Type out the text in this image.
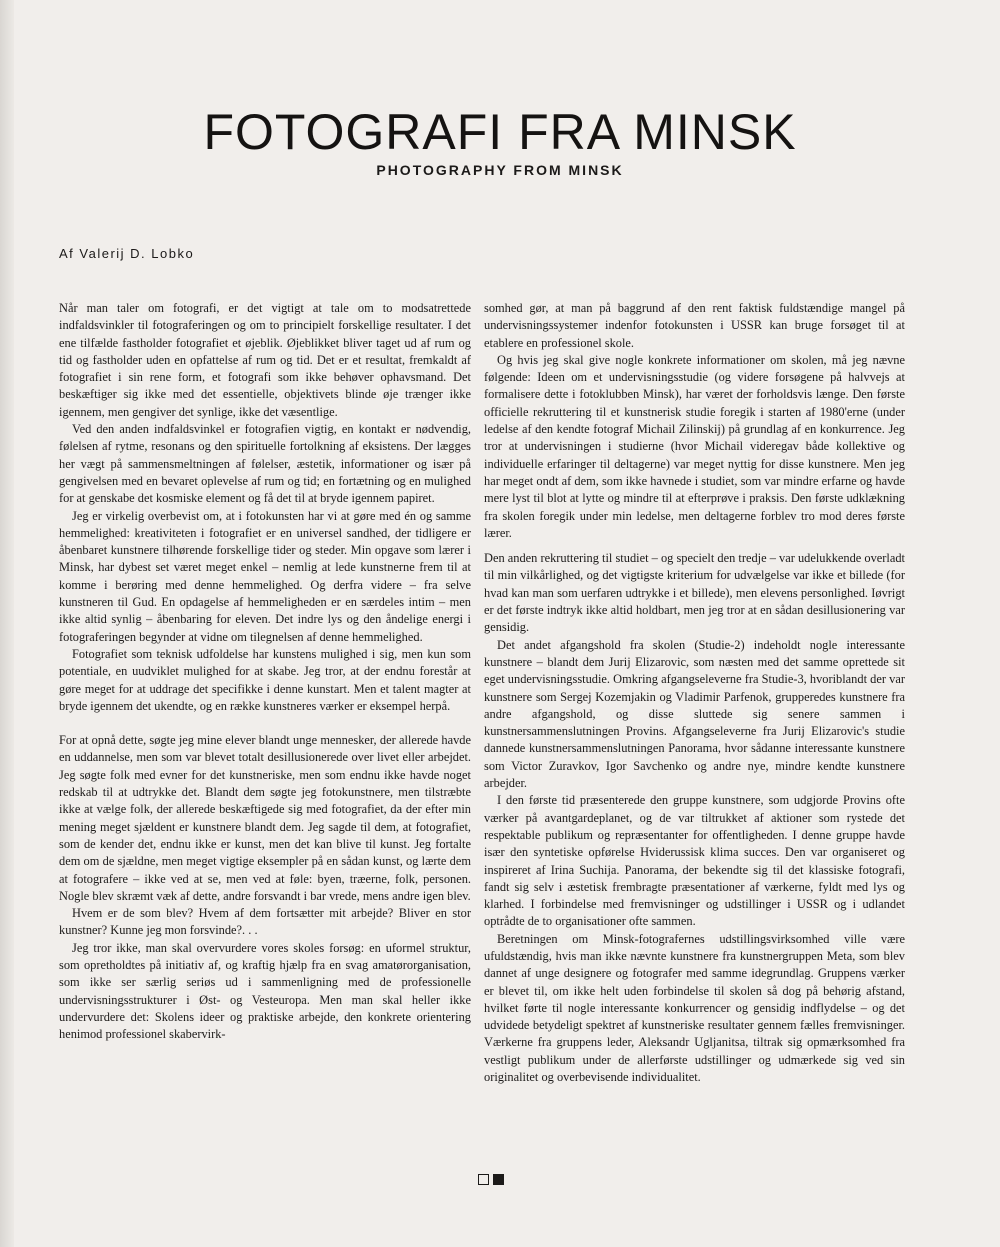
FOTOGRAFI FRA MINSK
PHOTOGRAPHY FROM MINSK
Af Valerij D. Lobko

Når man taler om fotografi, er det vigtigt at tale om to modsatrettede indfaldsvinkler til fotograferingen og om to principielt forskellige resultater. I det ene tilfælde fastholder fotografiet et øjeblik. Øjeblikket bliver taget ud af rum og tid og fastholder uden en opfattelse af rum og tid. Det er et resultat, fremkaldt af fotografiet i sin rene form, et fotografi som ikke behøver ophavsmand. Det beskæftiger sig ikke med det essentielle, objektivets blinde øje trænger ikke igennem, men gengiver det synlige, ikke det væsentlige.

Ved den anden indfaldsvinkel er fotografien vigtig, en kontakt er nødvendig, følelsen af rytme, resonans og den spirituelle fortolkning af eksistens. Der lægges her vægt på sammensmeltningen af følelser, æstetik, informationer og især på gengivelsen med en bevaret oplevelse af rum og tid; en fortætning og en mulighed for at genskabe det kosmiske element og få det til at bryde igennem papiret.

Jeg er virkelig overbevist om, at i fotokunsten har vi at gøre med én og samme hemmelighed: kreativiteten i fotografiet er en universel sandhed, der tidligere er åbenbaret kunstnere tilhørende forskellige tider og steder. Min opgave som lærer i Minsk, har dybest set været meget enkel – nemlig at lede kunstnerne frem til at komme i berøring med denne hemmelighed. Og derfra videre – fra selve kunstneren til Gud. En opdagelse af hemmeligheden er en særdeles intim – men ikke altid synlig – åbenbaring for eleven. Det indre lys og den åndelige energi i fotograferingen begynder at vidne om tilegnelsen af denne hemmelighed.

Fotografiet som teknisk udfoldelse har kunstens mulighed i sig, men kun som potentiale, en uudviklet mulighed for at skabe. Jeg tror, at der endnu forestår at gøre meget for at uddrage det specifikke i denne kunstart. Men et talent magter at bryde igennem det ukendte, og en række kunstneres værker er eksempel herpå.

For at opnå dette, søgte jeg mine elever blandt unge mennesker, der allerede havde en uddannelse, men som var blevet totalt desillusionerede over livet eller arbejdet. Jeg søgte folk med evner for det kunstneriske, men som endnu ikke havde noget redskab til at udtrykke det. Blandt dem søgte jeg fotokunstnere, men tilstræbte ikke at vælge folk, der allerede beskæftigede sig med fotografiet, da der efter min mening meget sjældent er kunstnere blandt dem. Jeg sagde til dem, at fotografiet, som de kender det, endnu ikke er kunst, men det kan blive til kunst. Jeg fortalte dem om de sjældne, men meget vigtige eksempler på en sådan kunst, og lærte dem at fotografere – ikke ved at se, men ved at føle: byen, træerne, folk, personen. Nogle blev skræmt væk af dette, andre forsvandt i bar vrede, mens andre igen blev.

Hvem er de som blev? Hvem af dem fortsætter mit arbejde? Bliver en stor kunstner? Kunne jeg mon forsvinde?. . .

Jeg tror ikke, man skal overvurdere vores skoles forsøg: en uformel struktur, som opretholdtes på initiativ af, og kraftig hjælp fra en svag amatørorganisation, som ikke ser særlig seriøs ud i sammenligning med de professionelle undervisningsstrukturer i Øst- og Vesteuropa. Men man skal heller ikke undervurdere det: Skolens ideer og praktiske arbejde, den konkrete orientering henimod professionel skabervirk-

somhed gør, at man på baggrund af den rent faktisk fuldstændige mangel på undervisningssystemer indenfor fotokunsten i USSR kan bruge forsøget til at etablere en professionel skole.

Og hvis jeg skal give nogle konkrete informationer om skolen, må jeg nævne følgende: Ideen om et undervisningsstudie (og videre forsøgene på halvvejs at formalisere dette i fotoklubben Minsk), har været der forholdsvis længe. Den første officielle rekruttering til et kunstnerisk studie foregik i starten af 1980'erne (under ledelse af den kendte fotograf Michail Zilinskij) på grundlag af en konkurrence. Jeg tror at undervisningen i studierne (hvor Michail videregav både kollektive og individuelle erfaringer til deltagerne) var meget nyttig for disse kunstnere. Men jeg har meget ondt af dem, som ikke havnede i studiet, som var mindre erfarne og havde mere lyst til blot at lytte og mindre til at efterprøve i praksis. Den første udklækning fra skolen foregik under min ledelse, men deltagerne forblev tro mod deres første lærer.

Den anden rekruttering til studiet – og specielt den tredje – var udelukkende overladt til min vilkårlighed, og det vigtigste kriterium for udvælgelse var ikke et billede (for hvad kan man som uerfaren udtrykke i et billede), men elevens personlighed. Iøvrigt er det første indtryk ikke altid holdbart, men jeg tror at en sådan desillusionering var gensidig.

Det andet afgangshold fra skolen (Studie-2) indeholdt nogle interessante kunstnere – blandt dem Jurij Elizarovic, som næsten med det samme oprettede sit eget undervisningsstudie. Omkring afgangseleverne fra Studie-3, hvoriblandt der var kunstnere som Sergej Kozemjakin og Vladimir Parfenok, grupperedes kunstnere fra andre afgangshold, og disse sluttede sig senere sammen i kunstnersammenslutningen Provins. Afgangseleverne fra Jurij Elizarovic's studie dannede kunstnersammenslutningen Panorama, hvor sådanne interessante kunstnere som Victor Zuravkov, Igor Savchenko og andre nye, mindre kendte kunstnere arbejder.

I den første tid præsenterede den gruppe kunstnere, som udgjorde Provins ofte værker på avantgardeplanet, og de var tiltrukket af aktioner som rystede det respektable publikum og repræsentanter for offentligheden. I denne gruppe havde især den syntetiske opførelse Hviderussisk klima succes. Den var organiseret og inspireret af Irina Suchija. Panorama, der bekendte sig til det klassiske fotografi, fandt sig selv i æstetisk frembragte præsentationer af værkerne, fyldt med lys og klarhed. I forbindelse med fremvisninger og udstillinger i USSR og i udlandet optrådte de to organisationer ofte sammen.

Beretningen om Minsk-fotografernes udstillingsvirksomhed ville være ufuldstændig, hvis man ikke nævnte kunstnere fra kunstnergruppen Meta, som blev dannet af unge designere og fotografer med samme idegrundlag. Gruppens værker er blevet til, om ikke helt uden forbindelse til skolen så dog på behørig afstand, hvilket førte til nogle interessante konkurrencer og gensidig indflydelse – og det udvidede betydeligt spektret af kunstneriske resultater gennem fælles fremvisninger. Værkerne fra gruppens leder, Aleksandr Ugljanitsa, tiltrak sig opmærksomhed fra vestligt publikum under de allerførste udstillinger og udmærkede sig ved sin originalitet og overbevisende individualitet.
